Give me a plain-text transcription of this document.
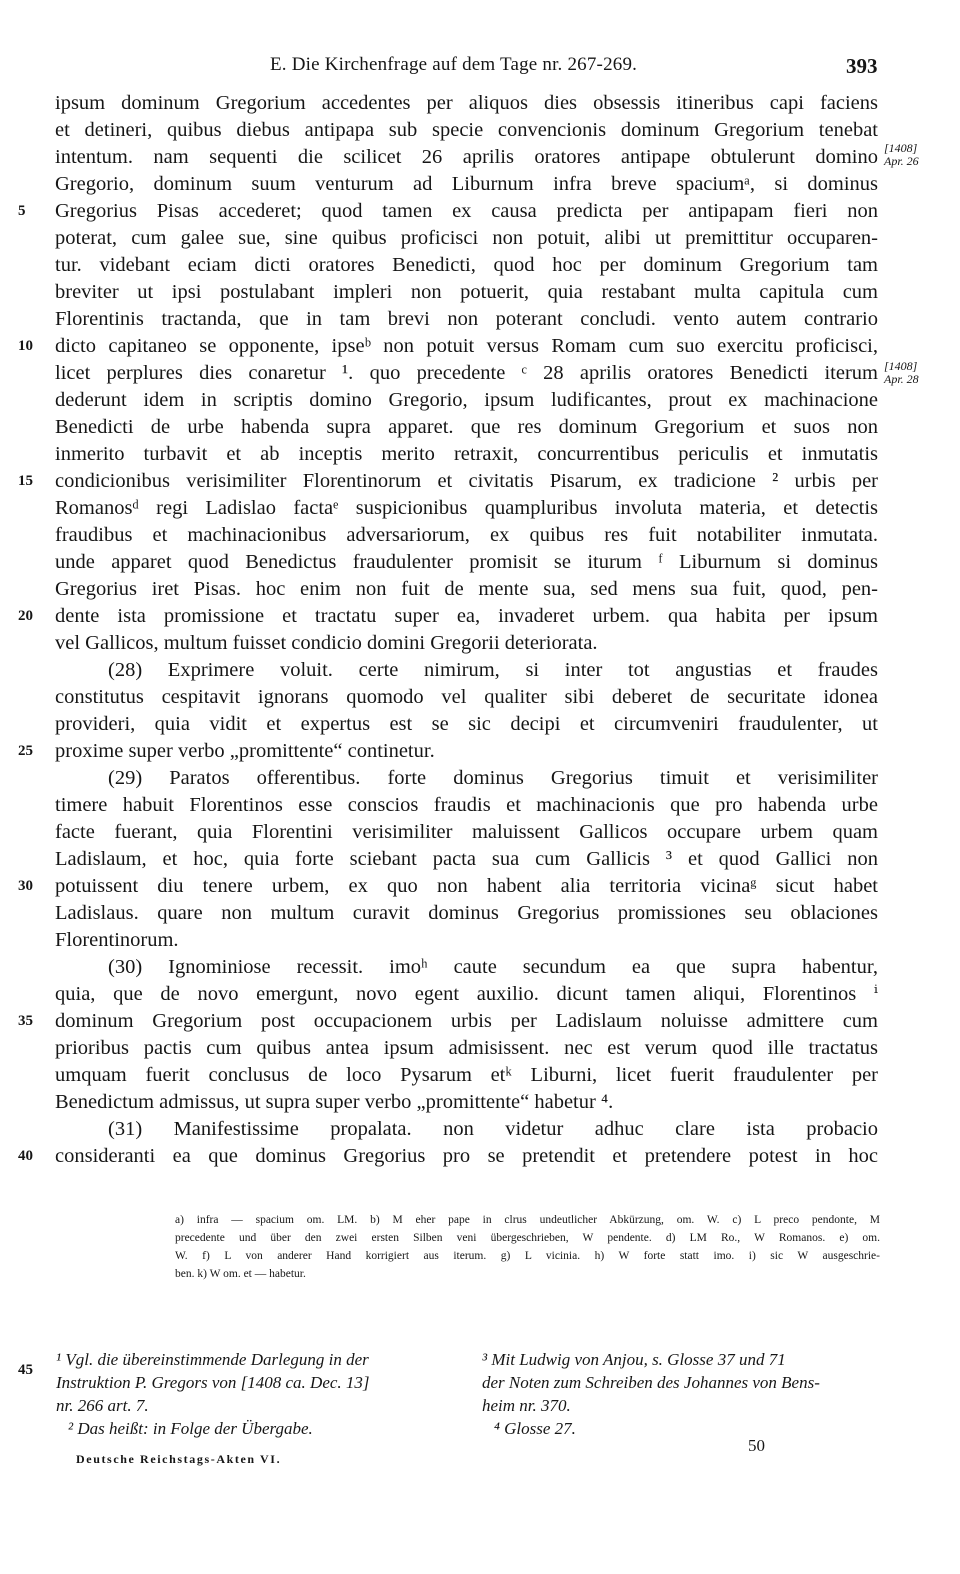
E. Die Kirchenfrage auf dem Tage nr. 267-269.	393
ipsum dominum Gregorium accedentes per aliquos dies obsessis itineribus capi faciens
et detineri, quibus diebus antipapa sub specie convencionis dominum Gregorium tenebat
intentum. nam sequenti die scilicet 26 aprilis oratores antipape obtulerunt domino
Gregorio, dominum suum venturum ad Liburnum infra breve spaciumᵃ, si dominus
Gregorius Pisas accederet; quod tamen ex causa predicta per antipapam fieri non
poterat, cum galee sue, sine quibus proficisci non potuit, alibi ut premittitur occuparen-
tur. videbant eciam dicti oratores Benedicti, quod hoc per dominum Gregorium tam
breviter ut ipsi postulabant impleri non potuerit, quia restabant multa capitula cum
Florentinis tractanda, que in tam brevi non poterant concludi. vento autem contrario
dicto capitaneo se opponente, ipseᵇ non potuit versus Romam cum suo exercitu proficisci,
licet perplures dies conaretur ¹. quo precedente ᶜ 28 aprilis oratores Benedicti iterum
dederunt idem in scriptis domino Gregorio, ipsum ludificantes, prout ex machinacione
Benedicti de urbe habenda supra apparet. que res dominum Gregorium et suos non
inmerito turbavit et ab inceptis merito retraxit, concurrentibus periculis et inmutatis
condicionibus verisimiliter Florentinorum et civitatis Pisarum, ex tradicione ² urbis per
Romanosᵈ regi Ladislao factaᵉ suspicionibus quampluribus involuta materia, et detectis
fraudibus et machinacionibus adversariorum, ex quibus res fuit notabiliter inmutata.
unde apparet quod Benedictus fraudulenter promisit se iturum ᶠ Liburnum si dominus
Gregorius iret Pisas. hoc enim non fuit de mente sua, sed mens sua fuit, quod, pen-
dente ista promissione et tractatu super ea, invaderet urbem. qua habita per ipsum
vel Gallicos, multum fuisset condicio domini Gregorii deteriorata.
(28) Exprimere voluit. certe nimirum, si inter tot angustias et fraudes
constitutus cespitavit ignorans quomodo vel qualiter sibi deberet de securitate idonea
provideri, quia vidit et expertus est se sic decipi et circumveniri fraudulenter, ut
proxime super verbo „promittente“ continetur.
(29) Paratos offerentibus. forte dominus Gregorius timuit et verisimiliter
timere habuit Florentinos esse conscios fraudis et machinacionis que pro habenda urbe
facte fuerant, quia Florentini verisimiliter maluissent Gallicos occupare urbem quam
Ladislaum, et hoc, quia forte sciebant pacta sua cum Gallicis ³ et quod Gallici non
potuissent diu tenere urbem, ex quo non habent alia territoria vicinaᵍ sicut habet
Ladislaus. quare non multum curavit dominus Gregorius promissiones seu oblaciones
Florentinorum.
(30) Ignominiose recessit. imoʰ caute secundum ea que supra habentur,
quia, que de novo emergunt, novo egent auxilio. dicunt tamen aliqui, Florentinos ⁱ
dominum Gregorium post occupacionem urbis per Ladislaum noluisse admittere cum
prioribus pactis cum quibus antea ipsum admisissent. nec est verum quod ille tractatus
umquam fuerit conclusus de loco Pysarum etᵏ Liburni, licet fuerit fraudulenter per
Benedictum admissus, ut supra super verbo „promittente“ habetur ⁴.
(31) Manifestissime propalata. non videtur adhuc clare ista probacio
consideranti ea que dominus Gregorius pro se pretendit et pretendere potest in hoc
5
10
15
20
25
30
35
40
[1408]
Apr. 26
[1408]
Apr. 28
a) infra — spacium om. LM. b) M eher pape in clrus undeutlicher Abkürzung, om. W. c) L preco pendonte, M
precedente und über den zwei ersten Silben veni übergeschrieben, W pendente. d) LM Ro., W Romanos. e) om.
W. f) L von anderer Hand korrigiert aus iterum. g) L vicinia. h) W forte statt imo. i) sic W ausgeschrie-
ben. k) W om. et — habetur.
45
¹ Vgl. die übereinstimmende Darlegung in der
Instruktion P. Gregors von [1408 ca. Dec. 13]
nr. 266 art. 7.
² Das heißt: in Folge der Übergabe.
³ Mit Ludwig von Anjou, s. Glosse 37 und 71
der Noten zum Schreiben des Johannes von Bens-
heim nr. 370.
⁴ Glosse 27.
50
Deutsche Reichstags-Akten VI.
